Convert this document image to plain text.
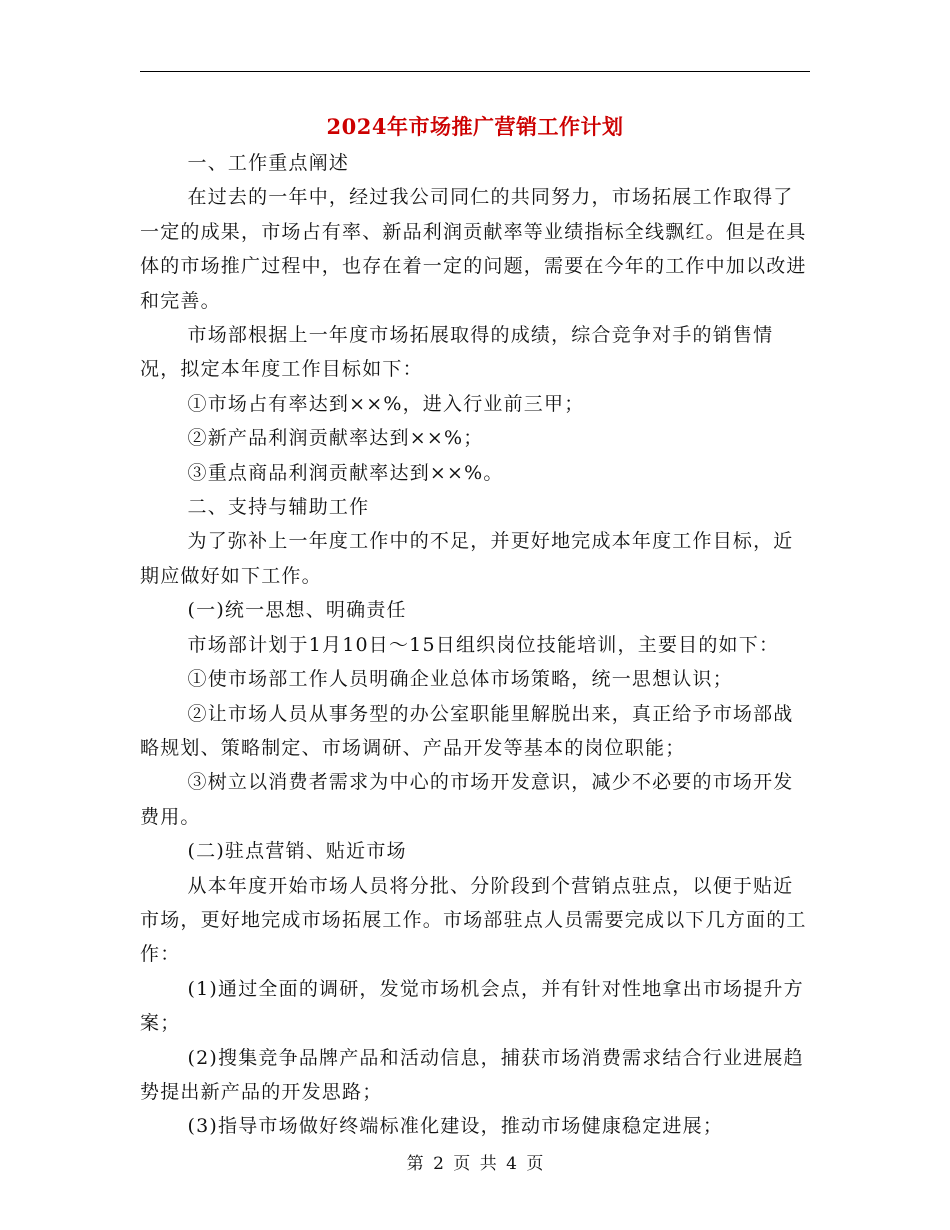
2024年市场推广营销工作计划

一、工作重点阐述

在过去的一年中，经过我公司同仁的共同努力，市场拓展工作取得了一定的成果，市场占有率、新品利润贡献率等业绩指标全线飘红。但是在具体的市场推广过程中，也存在着一定的问题，需要在今年的工作中加以改进和完善。

市场部根据上一年度市场拓展取得的成绩，综合竞争对手的销售情况，拟定本年度工作目标如下：

①市场占有率达到××%，进入行业前三甲；

②新产品利润贡献率达到××%；

③重点商品利润贡献率达到××%。

二、支持与辅助工作

为了弥补上一年度工作中的不足，并更好地完成本年度工作目标，近期应做好如下工作。

(一)统一思想、明确责任

市场部计划于1月10日～15日组织岗位技能培训，主要目的如下：

①使市场部工作人员明确企业总体市场策略，统一思想认识；

②让市场人员从事务型的办公室职能里解脱出来，真正给予市场部战略规划、策略制定、市场调研、产品开发等基本的岗位职能；

③树立以消费者需求为中心的市场开发意识，减少不必要的市场开发费用。

(二)驻点营销、贴近市场

从本年度开始市场人员将分批、分阶段到个营销点驻点，以便于贴近市场，更好地完成市场拓展工作。市场部驻点人员需要完成以下几方面的工作：

(1)通过全面的调研，发觉市场机会点，并有针对性地拿出市场提升方案；

(2)搜集竞争品牌产品和活动信息，捕获市场消费需求结合行业进展趋势提出新产品的开发思路；

(3)指导市场做好终端标准化建设，推动市场健康稳定进展；

第 2 页 共 4 页
